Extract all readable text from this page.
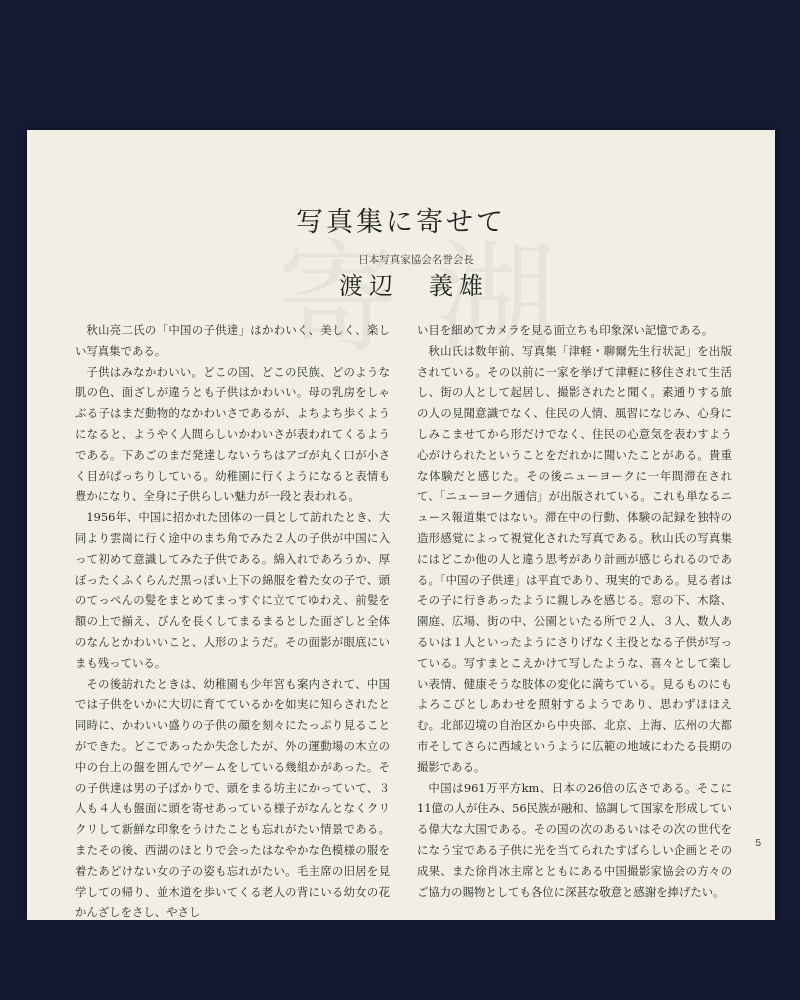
写真集に寄せて
日本写真家協会名誉会長
渡辺　義雄

秋山亮二氏の「中国の子供達」はかわいく、美しく、楽しい写真集である。

子供はみなかわいい。どこの国、どこの民族、どのような肌の色、面ざしが違うとも子供はかわいい。母の乳房をしゃぶる子はまだ動物的なかわいさであるが、よちよち歩くようになると、ようやく人間らしいかわいさが表われてくるようである。下あごのまだ発達しないうちはアゴが丸く口が小さく目がぱっちりしている。幼稚園に行くようになると表情も豊かになり、全身に子供らしい魅力が一段と表われる。

1956年、中国に招かれた団体の一員として訪れたとき、大同より雲崗に行く途中のまち角でみた２人の子供が中国に入って初めて意識してみた子供である。綿入れであろうか、厚ぼったくふくらんだ黒っぽい上下の綿服を着た女の子で、頭のてっぺんの髪をまとめてまっすぐに立ててゆわえ、前髪を額の上で揃え、びんを長くしてまるまるとした面ざしと全体のなんとかわいいこと、人形のようだ。その面影が眼底にいまも残っている。

その後訪れたときは、幼稚園も少年宮も案内されて、中国では子供をいかに大切に育てているかを如実に知らされたと同時に、かわいい盛りの子供の顔を刻々にたっぷり見ることができた。どこであったか失念したが、外の運動場の木立の中の台上の盤を囲んでゲームをしている幾組かがあった。その子供達は男の子ばかりで、頭をまる坊主にかっていて、３人も４人も盤面に頭を寄せあっている様子がなんとなくクリクリして新鮮な印象をうけたことも忘れがたい情景である。またその後、西湖のほとりで会ったはなやかな色模様の服を着たあどけない女の子の姿も忘れがたい。毛主席の旧居を見学しての帰り、並木道を歩いてくる老人の背にいる幼女の花かんざしをさし、やさし

い目を細めてカメラを見る面立ちも印象深い記憶である。

秋山氏は数年前、写真集「津軽・聊爾先生行状記」を出版されている。その以前に一家を挙げて津軽に移住されて生活し、街の人として起居し、撮影されたと聞く。素通りする旅の人の見聞意識でなく、住民の人情、風習になじみ、心身にしみこませてから形だけでなく、住民の心意気を表わすよう心がけられたということをだれかに聞いたことがある。貴重な体験だと感じた。その後ニューヨークに一年間滞在されて、「ニューヨーク通信」が出版されている。これも単なるニュース報道集ではない。滞在中の行動、体験の記録を独特の造形感覚によって視覚化された写真である。秋山氏の写真集にはどこか他の人と違う思考があり計画が感じられるのである。「中国の子供達」は平直であり、現実的である。見る者はその子に行きあったように親しみを感じる。窓の下、木陰、園庭、広場、街の中、公園といたる所で２人、３人、数人あるいは１人といったようにさりげなく主役となる子供が写っている。写すまとこえかけて写したような、喜々として楽しい表情、健康そうな肢体の変化に満ちている。見るものにもよろこびとしあわせを照射するようであり、思わずほほえむ。北部辺境の自治区から中央部、北京、上海、広州の大都市そしてさらに西域というように広範の地域にわたる長期の撮影である。

中国は961万平方km、日本の26倍の広さである。そこに11億の人が住み、56民族が融和、協調して国家を形成している偉大な大国である。その国の次のあるいはその次の世代をになう宝である子供に光を当てられたすばらしい企画とその成果、また徐肖冰主席とともにある中国撮影家協会の方々のご協力の賜物としても各位に深甚な敬意と感謝を捧げたい。

5
